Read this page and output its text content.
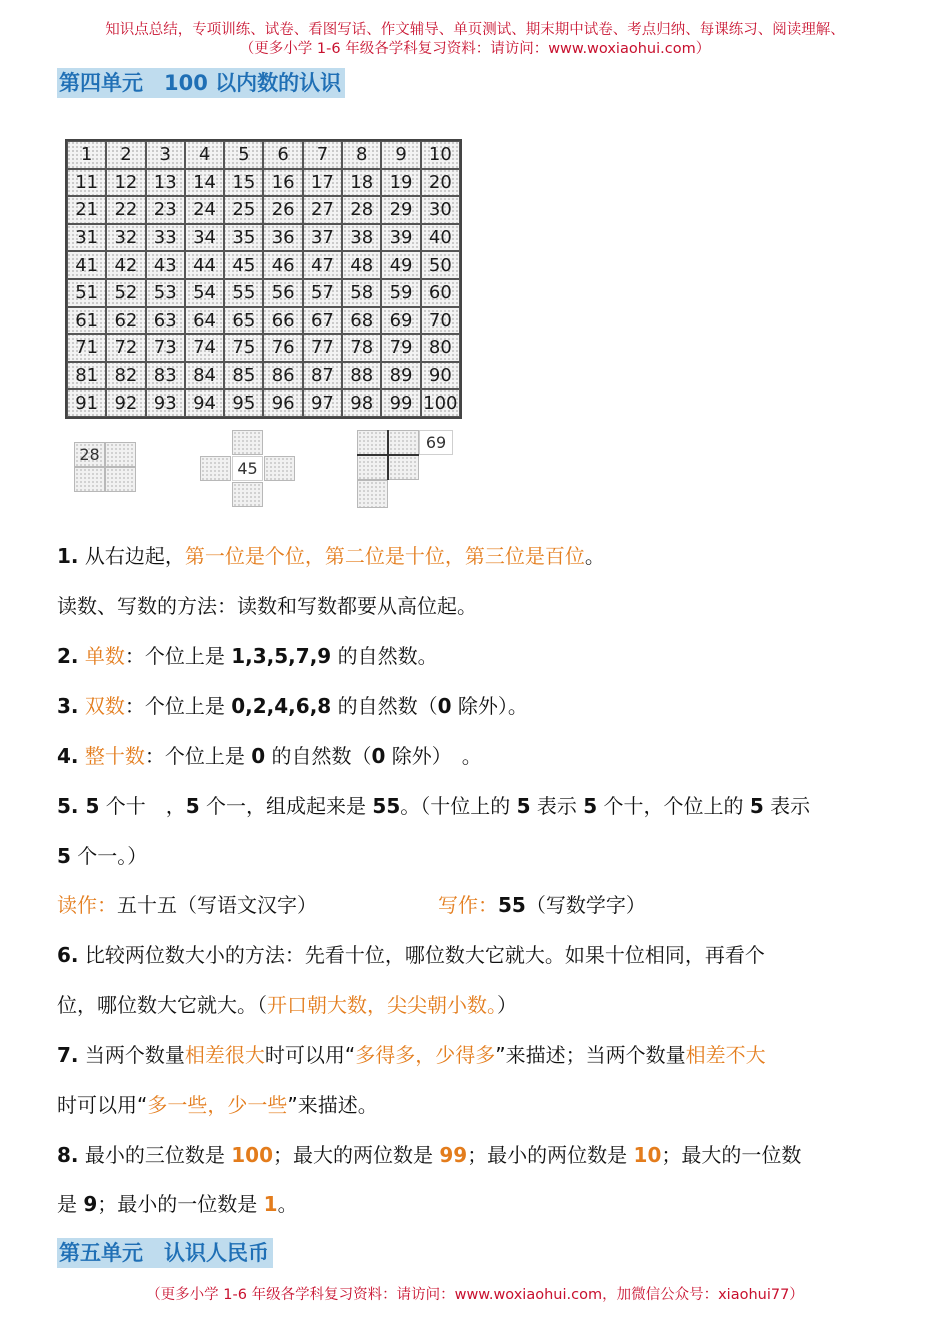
知识点总结，专项训练、试卷、看图写话、作文辅导、单页测试、期末期中试卷、考点归纳、每课练习、阅读理解、
（更多小学 1-6 年级各学科复习资料：请访问：www.woxiaohui.com）
第四单元　100 以内数的认识
1	2	3	4	5	6	7	8	9	10
11 12 13 14 15 16 17 18 19 20
21 22 23 24 25 26 27 28 29 30
31 32 33 34 35 36 37 38 39 40
41 42 43 44 45 46 47 48 49 50
51 52 53 54 55 56 57 58 59 60
61 62 63 64 65 66 67 68 69 70
71 72 73 74 75 76 77 78 79 80
81 82 83 84 85 86 87 88 89 90
91 92 93 94 95 96 97 98 99 100
28
45
69
1. 从右边起，第一位是个位，第二位是十位，第三位是百位。
读数、写数的方法：读数和写数都要从高位起。
2. 单数：个位上是 1,3,5,7,9 的自然数。
3. 双数：个位上是 0,2,4,6,8 的自然数（0 除外）。
4. 整十数：个位上是 0 的自然数（0 除外）　。
5. 5 个十　，5 个一，组成起来是 55。（十位上的 5 表示 5 个十，个位上的 5 表示
5 个一。）
读作：五十五（写语文汉字）	写作：55（写数学字）
6. 比较两位数大小的方法：先看十位，哪位数大它就大。如果十位相同，再看个
位，哪位数大它就大。（开口朝大数，尖尖朝小数。）
7. 当两个数量相差很大时可以用“多得多，少得多”来描述；当两个数量相差不大
时可以用“多一些，少一些”来描述。
8. 最小的三位数是 100；最大的两位数是 99；最小的两位数是 10；最大的一位数
是 9；最小的一位数是 1。
第五单元　认识人民币
（更多小学 1-6 年级各学科复习资料：请访问：www.woxiaohui.com，加微信公众号：xiaohui77）
